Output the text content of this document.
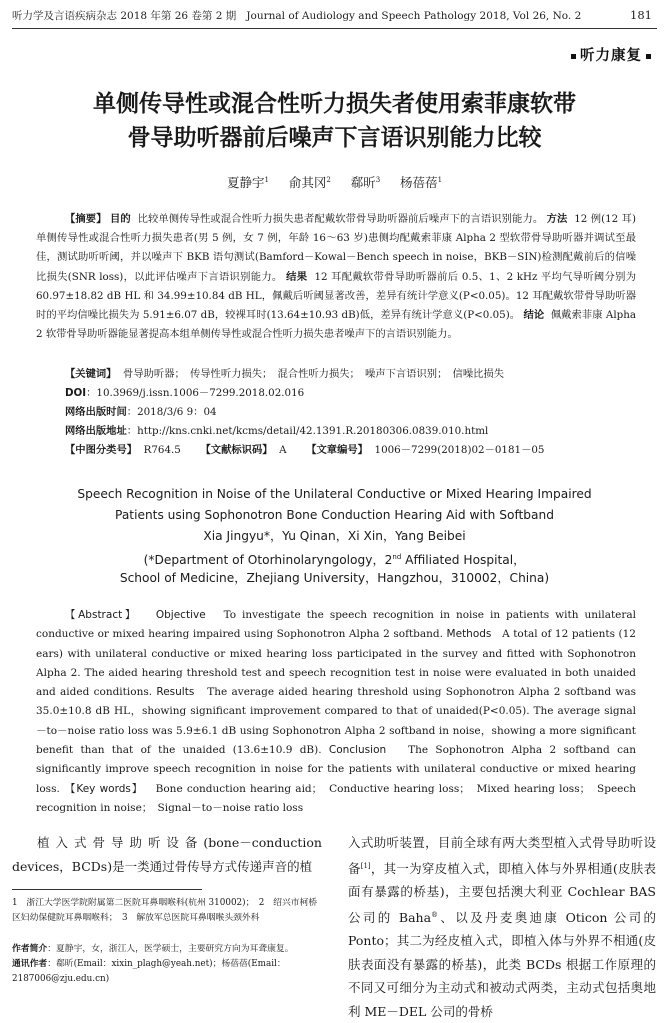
听力学及言语疾病杂志 2018 年第 26 卷第 2 期 Journal of Audiology and Speech Pathology 2018, Vol 26, No. 2	181
听力康复
单侧传导性或混合性听力损失者使用索菲康软带
骨导助听器前后噪声下言语识别能力比较
夏静宇$^1$ 俞其冈$^2$ 郗昕$^3$ 杨蓓蓓$^1$
【摘要】 目的 比较单侧传导性或混合性听力损失患者配戴软带骨导助听器前后噪声下的言语识别能力。 方法 12 例(12 耳)单侧传导性或混合性听力损失患者(男 5 例，女 7 例，年龄 16～63 岁)患侧均配戴索菲康 Alpha 2 型软带骨导助听器并调试至最佳，测试助听听阈，并以噪声下 BKB 语句测试(Bamford－Kowal－Bench speech in noise，BKB－SIN)检测配戴前后的信噪比损失(SNR loss)，以此评估噪声下言语识别能力。 结果 12 耳配戴软带骨导助听器前后 0.5、1、2 kHz 平均气导听阈分别为 60.97±18.82 dB HL 和 34.99±10.84 dB HL，佩戴后听阈显著改善，差异有统计学意义(P<0.05)。12 耳配戴软带骨导助听器时的平均信噪比损失为 5.91±6.07 dB，较裸耳时(13.64±10.93 dB)低，差异有统计学意义(P<0.05)。 结论 佩戴索菲康 Alpha 2 软带骨导助听器能显著提高本组单侧传导性或混合性听力损失患者噪声下的言语识别能力。
【关键词】 骨导助听器；　传导性听力损失；　混合性听力损失；　噪声下言语识别；　信噪比损失
DOI：10.3969/j.issn.1006－7299.2018.02.016
网络出版时间：2018/3/6 9：04
网络出版地址：http://kns.cnki.net/kcms/detail/42.1391.R.20180306.0839.010.html
【中图分类号】 R764.5 【文献标识码】 A 【文章编号】 1006－7299(2018)02－0181－05
Speech Recognition in Noise of the Unilateral Conductive or Mixed Hearing Impaired
Patients using Sophonotron Bone Conduction Hearing Aid with Softband
Xia Jingyu*，Yu Qinan，Xi Xin，Yang Beibei
(*Department of Otorhinolaryngology，2nd Affiliated Hospital，
School of Medicine，Zhejiang University，Hangzhou，310002，China)
【Abstract】 Objective To investigate the speech recognition in noise in patients with unilateral conductive or mixed hearing impaired using Sophonotron Alpha 2 softband. Methods A total of 12 patients (12 ears) with unilateral conductive or mixed hearing loss participated in the survey and fitted with Sophonotron Alpha 2. The aided hearing threshold test and speech recognition test in noise were evaluated in both unaided and aided conditions. Results The average aided hearing threshold using Sophonotron Alpha 2 softband was 35.0±10.8 dB HL，showing significant improvement compared to that of unaided(P<0.05). The average signal－to－noise ratio loss was 5.9±6.1 dB using Sophonotron Alpha 2 softband in noise，showing a more significant benefit than that of the unaided (13.6±10.9 dB). Conclusion The Sophonotron Alpha 2 softband can significantly improve speech recognition in noise for the patients with unilateral conductive or mixed hearing loss. 【Key words】 Bone conduction hearing aid；　Conductive hearing loss；　Mixed hearing loss；　Speech recognition in noise；　Signal－to－noise ratio loss
植入式骨导助听设备(bone－conduction devices，BCDs)是一类通过骨传导方式传递声音的植
1　浙江大学医学院附属第二医院耳鼻咽喉科(杭州 310002)；　2　绍兴市柯桥区妇幼保健院耳鼻咽喉科；　3　解放军总医院耳鼻咽喉头颈外科
作者简介：夏静宇，女，浙江人，医学硕士，主要研究方向为耳聋康复。
通讯作者：郗昕(Email：xixin_plagh@yeah.net)；杨蓓蓓(Email：2187006@zju.edu.cn)
入式助听装置，目前全球有两大类型植入式骨导助听设备[1]，其一为穿皮植入式，即植入体与外界相通(皮肤表面有暴露的桥基)，主要包括澳大利亚 Cochlear BAS 公司的 Baha®、以及丹麦奥迪康 Oticon 公司的 Ponto；其二为经皮植入式，即植入体与外界不相通(皮肤表面没有暴露的桥基)，此类 BCDs 根据工作原理的不同又可细分为主动式和被动式两类，主动式包括奥地利 ME－DEL 公司的骨桥
